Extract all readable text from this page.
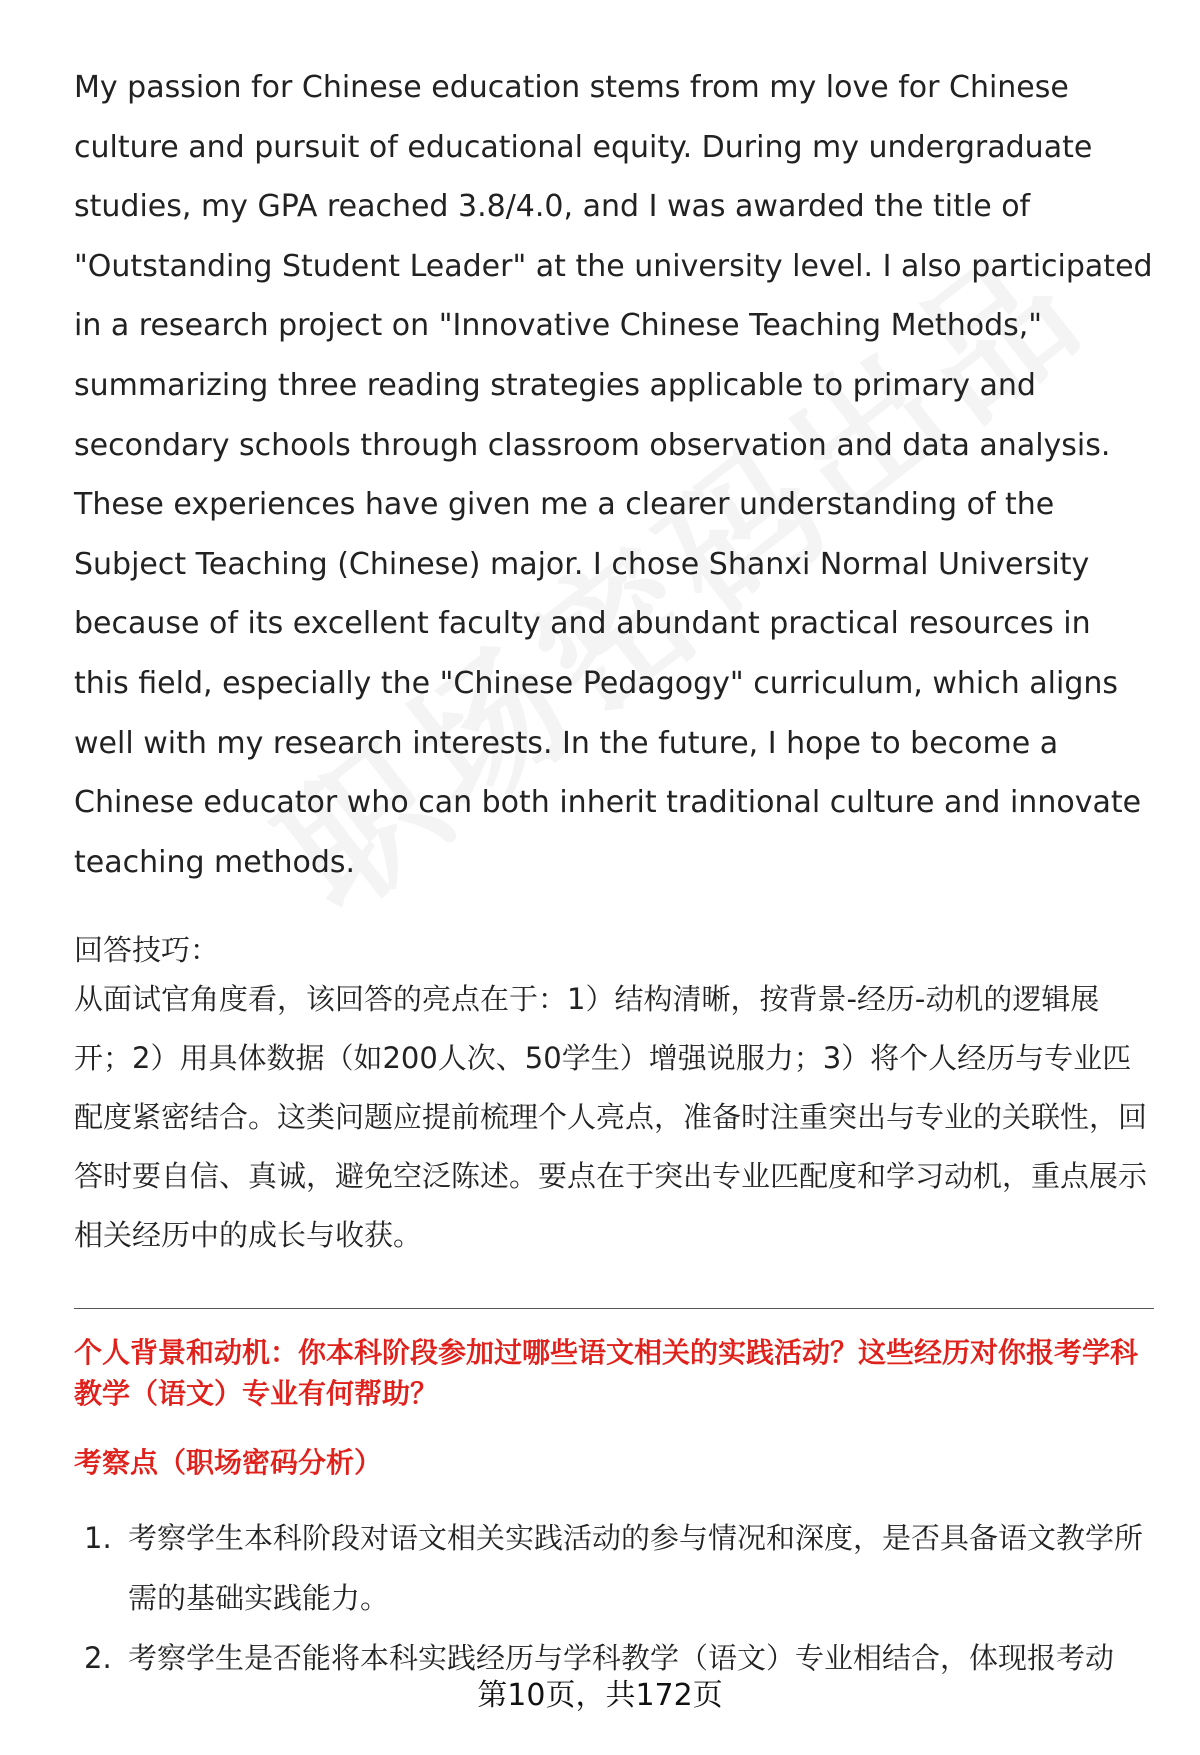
My passion for Chinese education stems from my love for Chinese culture and pursuit of educational equity. During my undergraduate studies, my GPA reached 3.8/4.0, and I was awarded the title of "Outstanding Student Leader" at the university level. I also participated in a research project on "Innovative Chinese Teaching Methods," summarizing three reading strategies applicable to primary and secondary schools through classroom observation and data analysis. These experiences have given me a clearer understanding of the Subject Teaching (Chinese) major. I chose Shanxi Normal University because of its excellent faculty and abundant practical resources in this field, especially the "Chinese Pedagogy" curriculum, which aligns well with my research interests. In the future, I hope to become a Chinese educator who can both inherit traditional culture and innovate teaching methods.

回答技巧：

从面试官角度看，该回答的亮点在于：1）结构清晰，按背景-经历-动机的逻辑展开；2）用具体数据（如200人次、50学生）增强说服力；3）将个人经历与专业匹配度紧密结合。这类问题应提前梳理个人亮点，准备时注重突出与专业的关联性，回答时要自信、真诚，避免空泛陈述。要点在于突出专业匹配度和学习动机，重点展示相关经历中的成长与收获。

个人背景和动机：你本科阶段参加过哪些语文相关的实践活动？这些经历对你报考学科教学（语文）专业有何帮助？

考察点（职场密码分析）

1. 考察学生本科阶段对语文相关实践活动的参与情况和深度，是否具备语文教学所需的基础实践能力。
2. 考察学生是否能将本科实践经历与学科教学（语文）专业相结合，体现报考动
第10页，共172页
